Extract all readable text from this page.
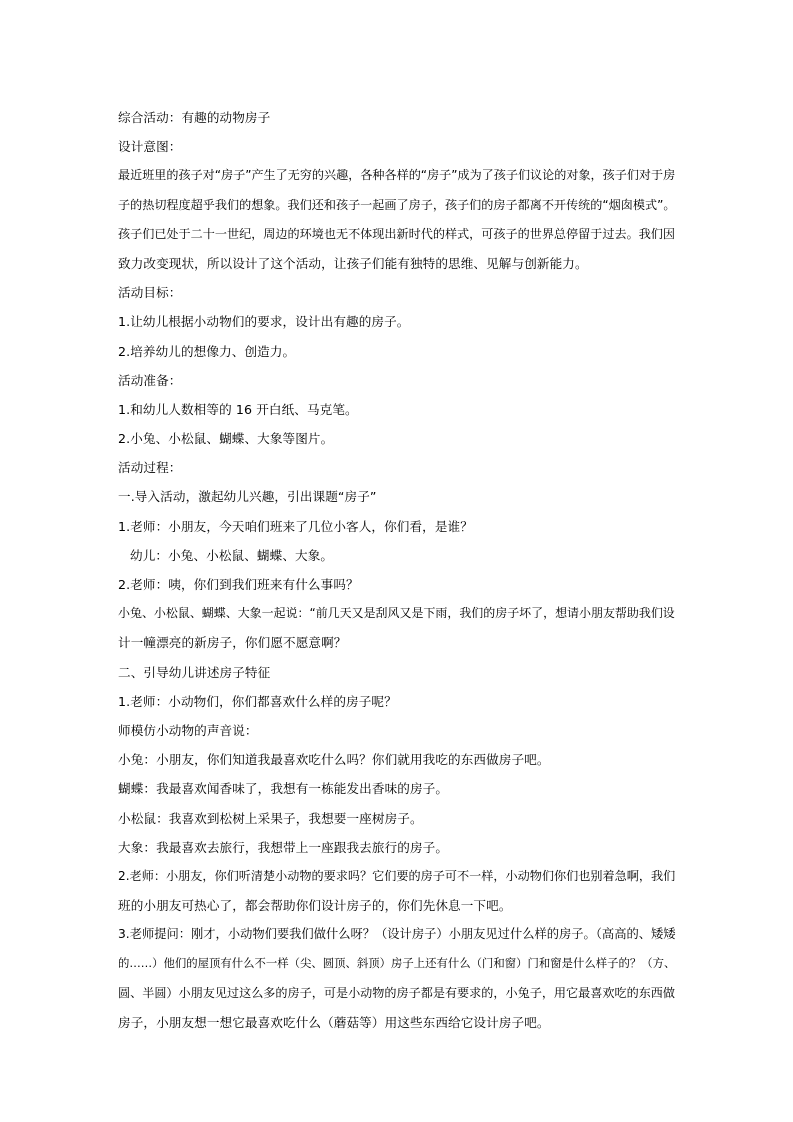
综合活动：有趣的动物房子
设计意图：
最近班里的孩子对“房子”产生了无穷的兴趣，各种各样的“房子”成为了孩子们议论的对象，孩子们对于房
子的热切程度超乎我们的想象。我们还和孩子一起画了房子，孩子们的房子都离不开传统的“烟囱模式”。
孩子们已处于二十一世纪，周边的环境也无不体现出新时代的样式，可孩子的世界总停留于过去。我们因
致力改变现状，所以设计了这个活动，让孩子们能有独特的思维、见解与创新能力。
活动目标：
1.让幼儿根据小动物们的要求，设计出有趣的房子。
2.培养幼儿的想像力、创造力。
活动准备：
1.和幼儿人数相等的 16 开白纸、马克笔。
2.小兔、小松鼠、蝴蝶、大象等图片。
活动过程：
一.导入活动，激起幼儿兴趣，引出课题“房子”
1.老师：小朋友，今天咱们班来了几位小客人，你们看，是谁？
幼儿：小兔、小松鼠、蝴蝶、大象。
2.老师：咦，你们到我们班来有什么事吗？
小兔、小松鼠、蝴蝶、大象一起说：“前几天又是刮风又是下雨，我们的房子坏了，想请小朋友帮助我们设
计一幢漂亮的新房子，你们愿不愿意啊？
二、引导幼儿讲述房子特征
1.老师：小动物们，你们都喜欢什么样的房子呢？
师模仿小动物的声音说：
小兔：小朋友，你们知道我最喜欢吃什么吗？你们就用我吃的东西做房子吧。
蝴蝶：我最喜欢闻香味了，我想有一栋能发出香味的房子。
小松鼠：我喜欢到松树上采果子，我想要一座树房子。
大象：我最喜欢去旅行，我想带上一座跟我去旅行的房子。
2.老师：小朋友，你们听清楚小动物的要求吗？它们要的房子可不一样，小动物们你们也别着急啊，我们
班的小朋友可热心了，都会帮助你们设计房子的，你们先休息一下吧。
3.老师提问：刚才，小动物们要我们做什么呀？（设计房子）小朋友见过什么样的房子。（高高的、矮矮
的……）他们的屋顶有什么不一样（尖、圆顶、斜顶）房子上还有什么（门和窗）门和窗是什么样子的？（方、
圆、半圆）小朋友见过这么多的房子，可是小动物的房子都是有要求的，小兔子，用它最喜欢吃的东西做
房子，小朋友想一想它最喜欢吃什么（蘑菇等）用这些东西给它设计房子吧。
